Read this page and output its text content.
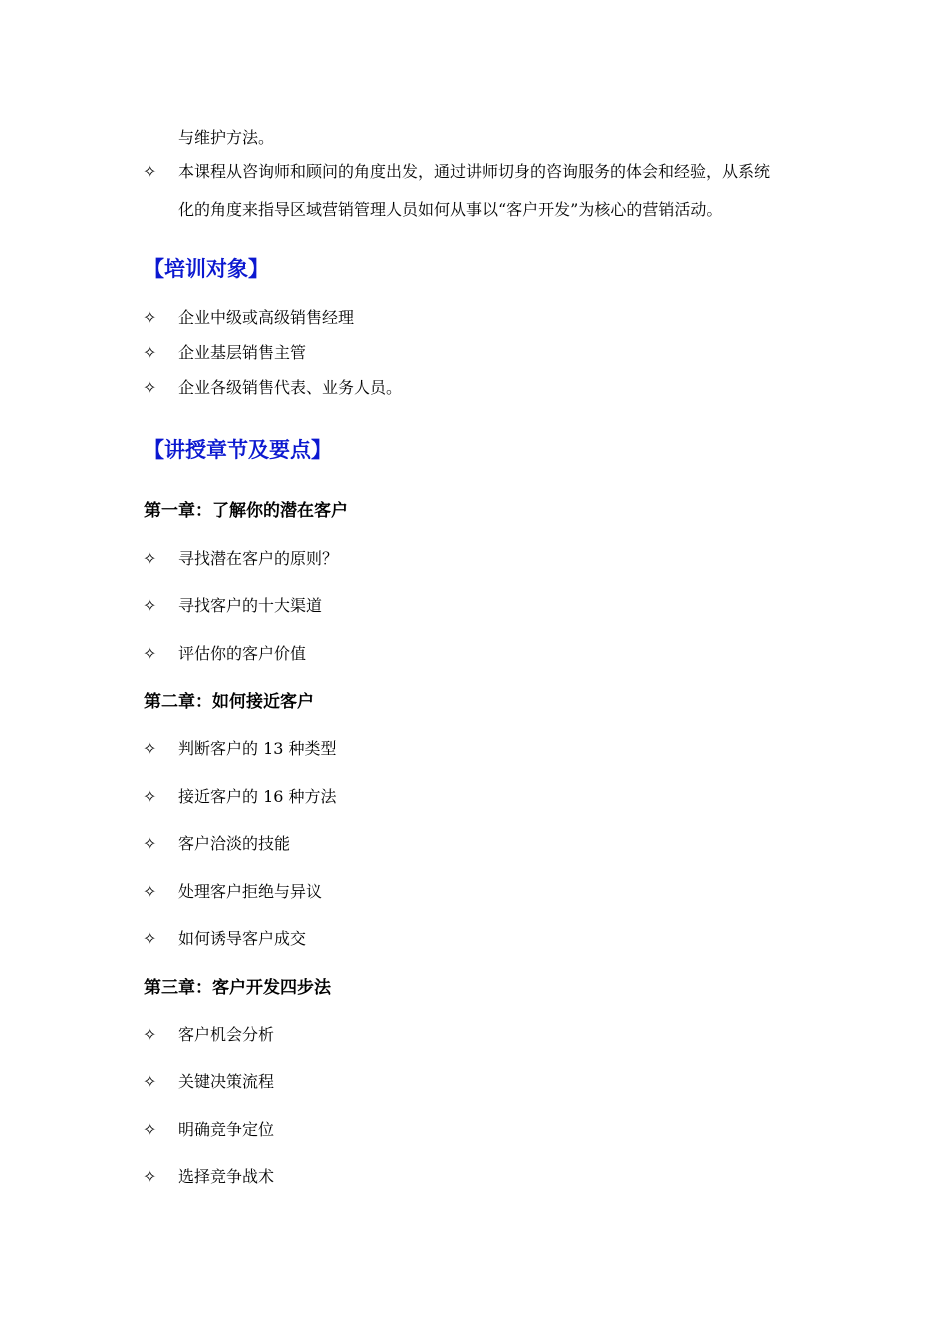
与维护方法。
✧	本课程从咨询师和顾问的角度出发，通过讲师切身的咨询服务的体会和经验，从系统
化的角度来指导区域营销管理人员如何从事以“客户开发”为核心的营销活动。
【培训对象】
✧	企业中级或高级销售经理
✧	企业基层销售主管
✧	企业各级销售代表、业务人员。
【讲授章节及要点】
第一章：了解你的潜在客户
✧	寻找潜在客户的原则？
✧	寻找客户的十大渠道
✧	评估你的客户价值
第二章：如何接近客户
✧	判断客户的 13 种类型
✧	接近客户的 16 种方法
✧	客户洽淡的技能
✧	处理客户拒绝与异议
✧	如何诱导客户成交
第三章：客户开发四步法
✧	客户机会分析
✧	关键决策流程
✧	明确竞争定位
✧	选择竞争战术
